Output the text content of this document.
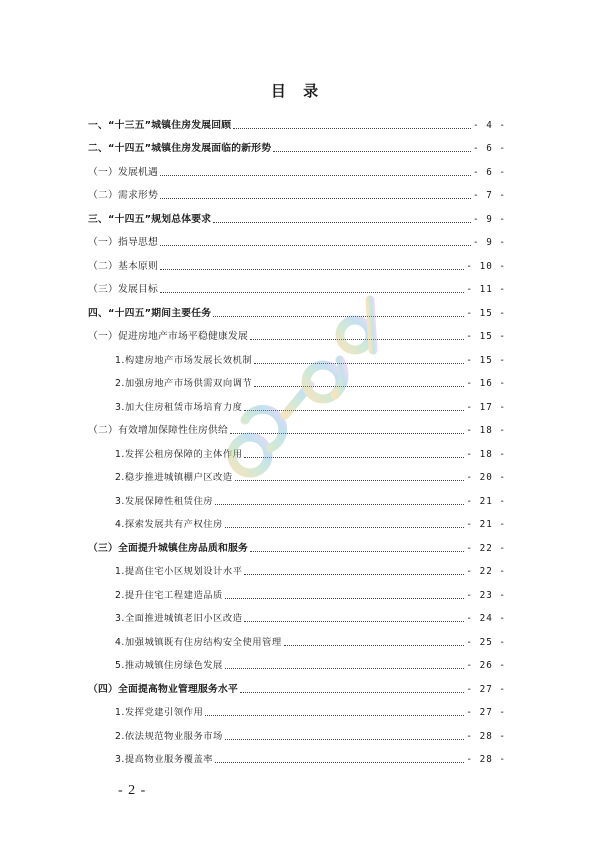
目 录
一、“十三五”城镇住房发展回顾	- 4 -
二、“十四五”城镇住房发展面临的新形势	- 6 -
（一）发展机遇	- 6 -
（二）需求形势	- 7 -
三、“十四五”规划总体要求	- 9 -
（一）指导思想	- 9 -
（二）基本原则	- 10 -
（三）发展目标	- 11 -
四、“十四五”期间主要任务	- 15 -
（一）促进房地产市场平稳健康发展	- 15 -
1.构建房地产市场发展长效机制	- 15 -
2.加强房地产市场供需双向调节	- 16 -
3.加大住房租赁市场培育力度	- 17 -
（二）有效增加保障性住房供给	- 18 -
1.发挥公租房保障的主体作用	- 18 -
2.稳步推进城镇棚户区改造	- 20 -
3.发展保障性租赁住房	- 21 -
4.探索发展共有产权住房	- 21 -
（三）全面提升城镇住房品质和服务	- 22 -
1.提高住宅小区规划设计水平	- 22 -
2.提升住宅工程建造品质	- 23 -
3.全面推进城镇老旧小区改造	- 24 -
4.加强城镇既有住房结构安全使用管理	- 25 -
5.推动城镇住房绿色发展	- 26 -
（四）全面提高物业管理服务水平	- 27 -
1.发挥党建引领作用	- 27 -
2.依法规范物业服务市场	- 28 -
3.提高物业服务覆盖率	- 28 -
- 2 -
